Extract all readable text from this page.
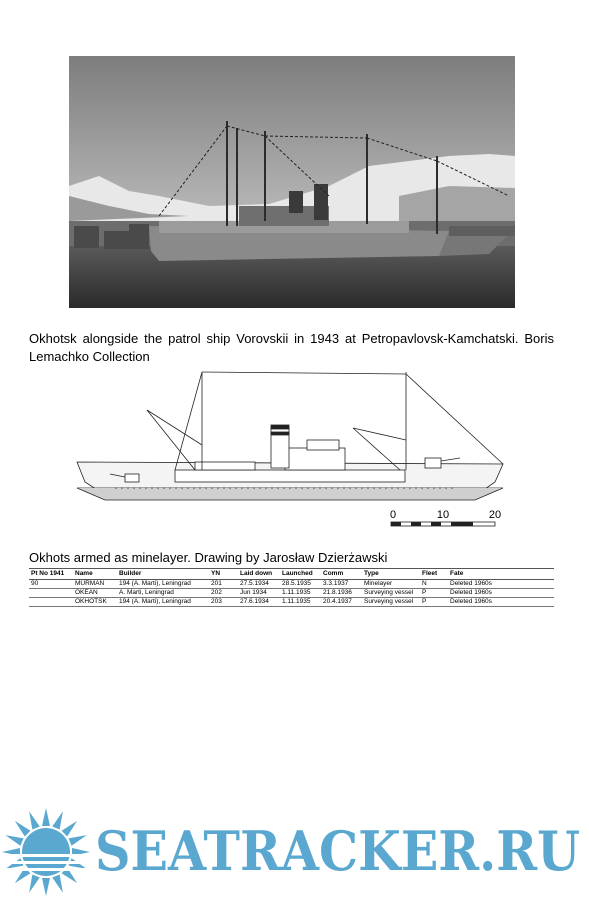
Okhotsk alongside the patrol ship Vorovskii in 1943 at Petropavlovsk-Kamchatski. Boris Lemachko Collection
0	10	20
Okhots armed as minelayer. Drawing by Jarosław Dzierżawski
Pt No 1941	Name	Builder	YN	Laid down	Launched	Comm	Type	Fleet	Fate
90	MURMAN	194 (A. Marti), Leningrad	201	27.5.1934	28.5.1935	3.3.1937	Minelayer	N	Deleted 1960s
	OKEAN	A. Marti, Leningrad	202	Jun 1934	1.11.1935	21.8.1936	Surveying vessel	P	Deleted 1960s
	OKHOTSK	194 (A. Marti), Leningrad	203	27.6.1934	1.11.1935	20.4.1937	Surveying vessel	P	Deleted 1960s
SEATRACKER.RU
